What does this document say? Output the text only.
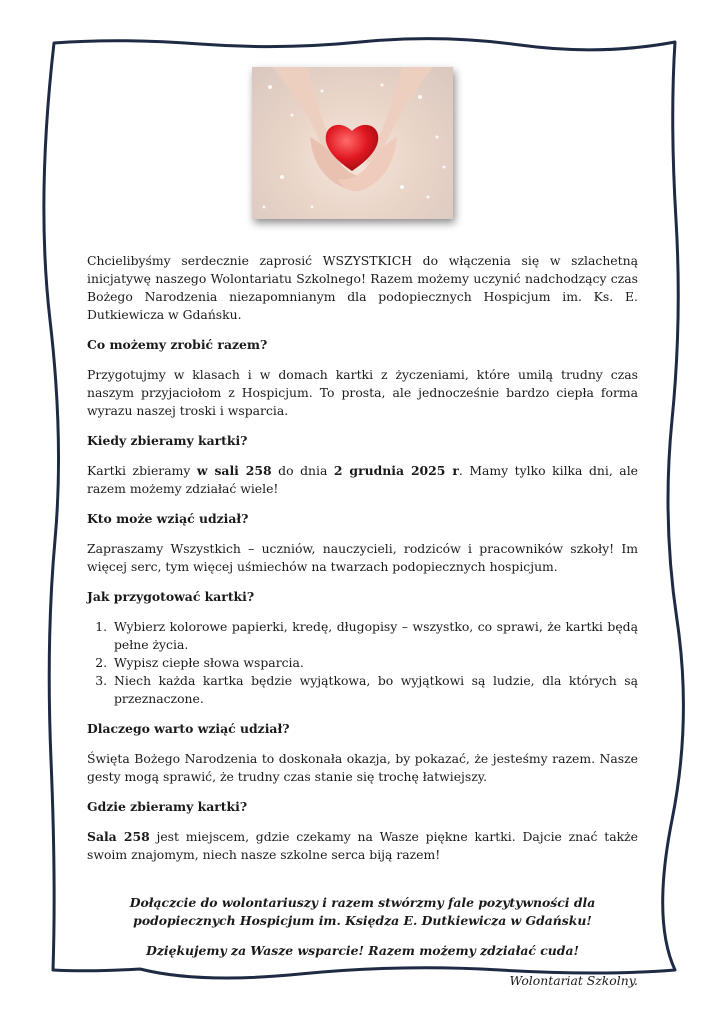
Chcielibyśmy serdecznie zaprosić WSZYSTKICH do włączenia się w szlachetną inicjatywę naszego Wolontariatu Szkolnego! Razem możemy uczynić nadchodzący czas Bożego Narodzenia niezapomnianym dla podopiecznych Hospicjum im. Ks. E. Dutkiewicza w Gdańsku.

Co możemy zrobić razem?

Przygotujmy w klasach i w domach kartki z życzeniami, które umilą trudny czas naszym przyjaciołom z Hospicjum. To prosta, ale jednocześnie bardzo ciepła forma wyrazu naszej troski i wsparcia.

Kiedy zbieramy kartki?

Kartki zbieramy w sali 258 do dnia 2 grudnia 2025 r. Mamy tylko kilka dni, ale razem możemy zdziałać wiele!

Kto może wziąć udział?

Zapraszamy Wszystkich – uczniów, nauczycieli, rodziców i pracowników szkoły! Im więcej serc, tym więcej uśmiechów na twarzach podopiecznych hospicjum.

Jak przygotować kartki?
1. Wybierz kolorowe papierki, kredę, długopisy – wszystko, co sprawi, że kartki będą pełne życia.
2. Wypisz ciepłe słowa wsparcia.
3. Niech każda kartka będzie wyjątkowa, bo wyjątkowi są ludzie, dla których są przeznaczone.
Dlaczego warto wziąć udział?

Święta Bożego Narodzenia to doskonała okazja, by pokazać, że jesteśmy razem. Nasze gesty mogą sprawić, że trudny czas stanie się trochę łatwiejszy.

Gdzie zbieramy kartki?

Sala 258 jest miejscem, gdzie czekamy na Wasze piękne kartki. Dajcie znać także swoim znajomym, niech nasze szkolne serca biją razem!

Dołączcie do wolontariuszy i razem stwórzmy fale pozytywności dla podopiecznych Hospicjum im. Księdza E. Dutkiewicza w Gdańsku!

Dziękujemy za Wasze wsparcie! Razem możemy zdziałać cuda!

Wolontariat Szkolny.
